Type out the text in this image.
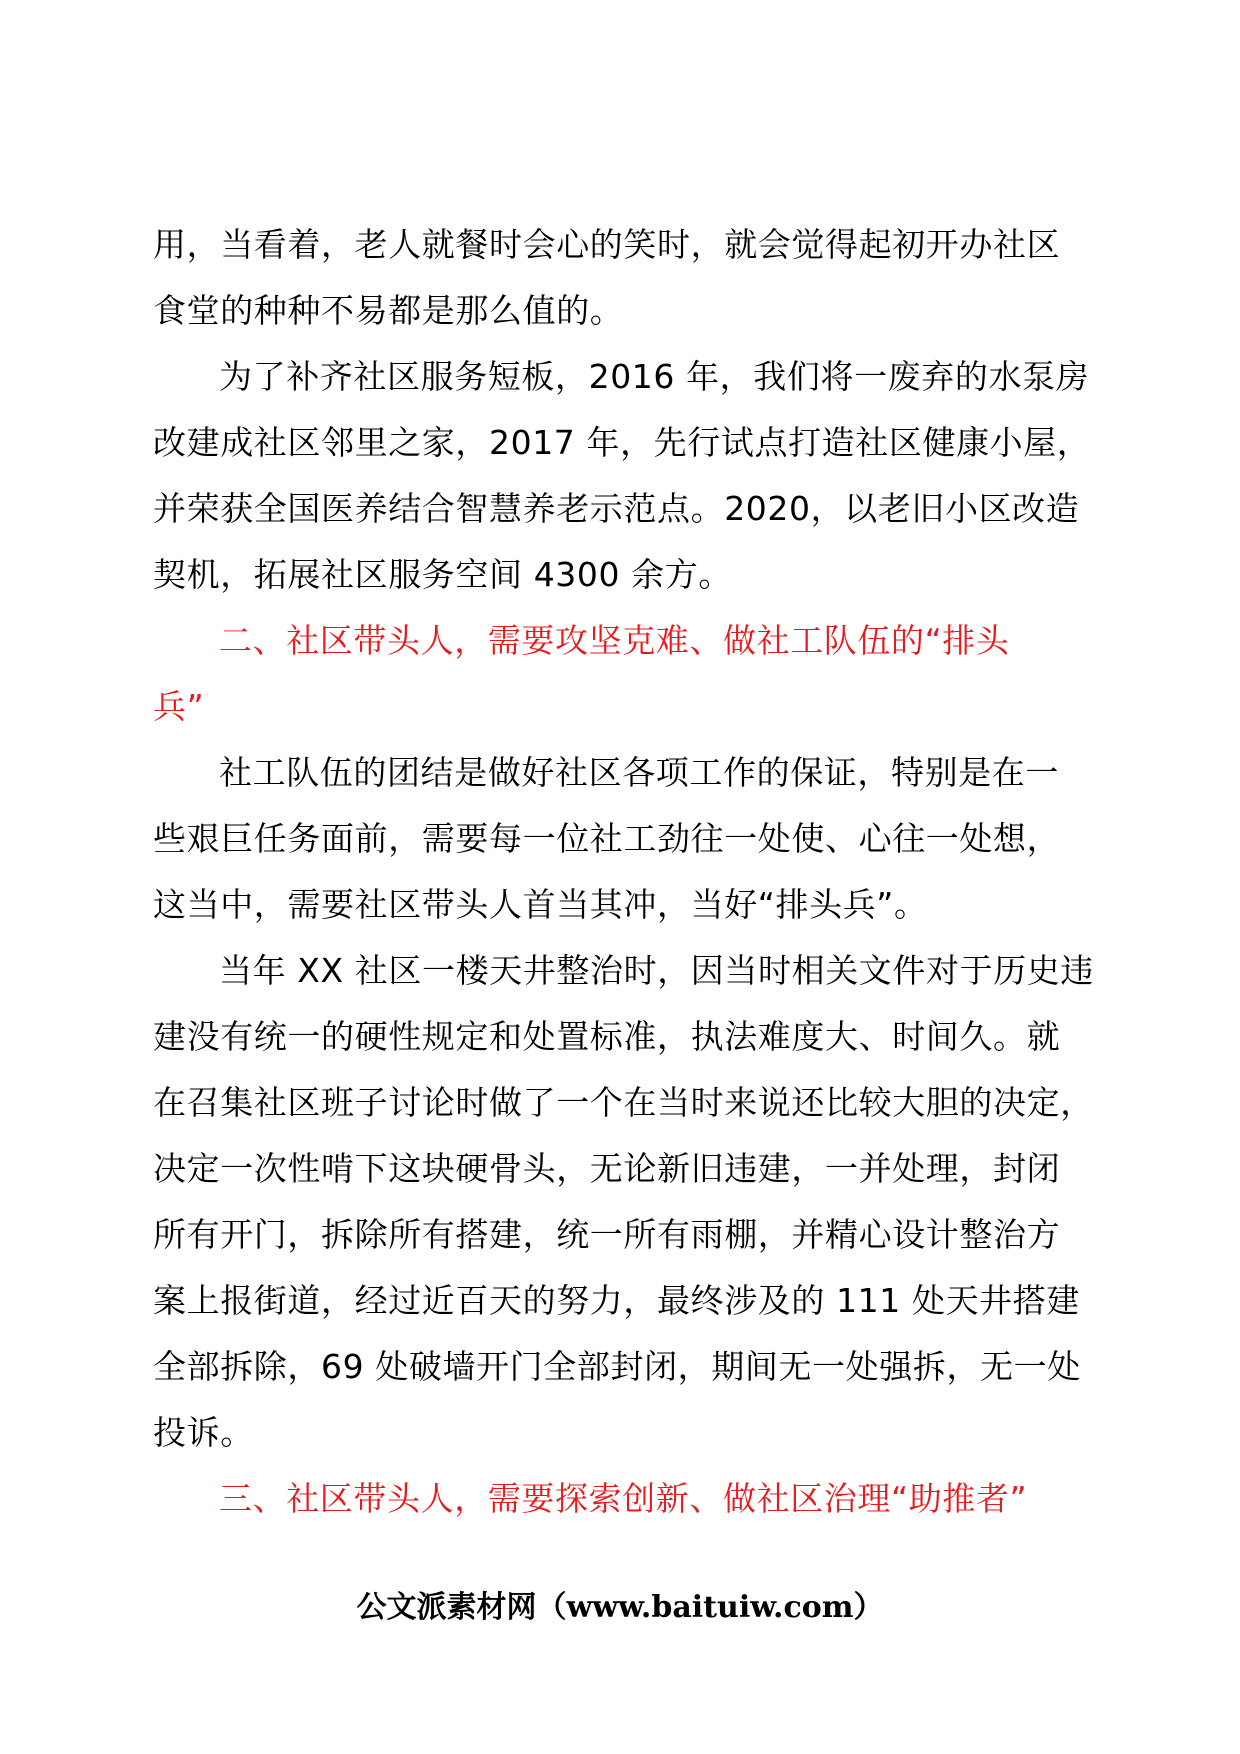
用，当看着，老人就餐时会心的笑时，就会觉得起初开办社区
食堂的种种不易都是那么值的。
为了补齐社区服务短板，2016 年，我们将一废弃的水泵房
改建成社区邻里之家，2017 年，先行试点打造社区健康小屋，
并荣获全国医养结合智慧养老示范点。2020，以老旧小区改造
契机，拓展社区服务空间 4300 余方。
二、社区带头人，需要攻坚克难、做社工队伍的“排头
兵”
社工队伍的团结是做好社区各项工作的保证，特别是在一
些艰巨任务面前，需要每一位社工劲往一处使、心往一处想，
这当中，需要社区带头人首当其冲，当好“排头兵”。
当年 XX 社区一楼天井整治时，因当时相关文件对于历史违
建没有统一的硬性规定和处置标准，执法难度大、时间久。就
在召集社区班子讨论时做了一个在当时来说还比较大胆的决定，
决定一次性啃下这块硬骨头，无论新旧违建，一并处理，封闭
所有开门，拆除所有搭建，统一所有雨棚，并精心设计整治方
案上报街道，经过近百天的努力，最终涉及的 111 处天井搭建
全部拆除，69 处破墙开门全部封闭，期间无一处强拆，无一处
投诉。
三、社区带头人，需要探索创新、做社区治理“助推者”
公文派素材网（www.baituiw.com）
